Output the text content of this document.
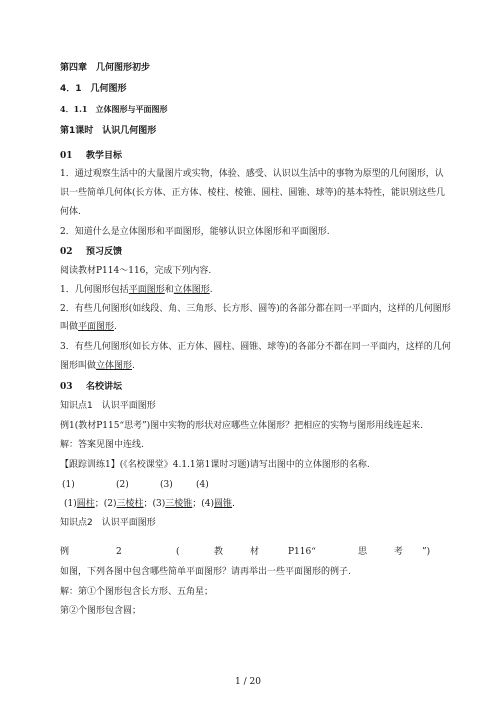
第四章　几何图形初步
4．1　几何图形
4．1.1　立体图形与平面图形
第1课时　认识几何图形
01 教学目标
1．通过观察生活中的大量图片或实物，体验、感受、认识以生活中的事物为原型的几何图形，认
识一些简单几何体(长方体、正方体、棱柱、棱锥、圆柱、圆锥、球等)的基本特性，能识别这些几
何体.
2．知道什么是立体图形和平面图形，能够认识立体图形和平面图形.
02 预习反馈
阅读教材P114～116，完成下列内容.
1．几何图形包括平面图形和立体图形.
2．有些几何图形(如线段、角、三角形、长方形、圆等)的各部分都在同一平面内，这样的几何图形
叫做平面图形.
3．有些几何图形(如长方体、正方体、圆柱、圆锥、球等)的各部分不都在同一平面内，这样的几何
图形叫做立体图形.
03 名校讲坛
知识点1　认识平面图形
例1(教材P115“思考”)图中实物的形状对应哪些立体图形？把相应的实物与图形用线连起来.
解：答案见图中连线.
【跟踪训练1】(《名校课堂》4.1.1第1课时习题)请写出图中的立体图形的名称.
(1)	(2)	(3)	(4)
(1)圆柱；(2)三棱柱；(3)三棱锥；(4)圆锥.
知识点2　认识平面图形
例	2	(	教	材	P116“	思	考 ”)
如图，下列各图中包含哪些简单平面图形？请再举出一些平面图形的例子.
解：第①个图形包含长方形、五角星；
第②个图形包含圆；
1 / 20
